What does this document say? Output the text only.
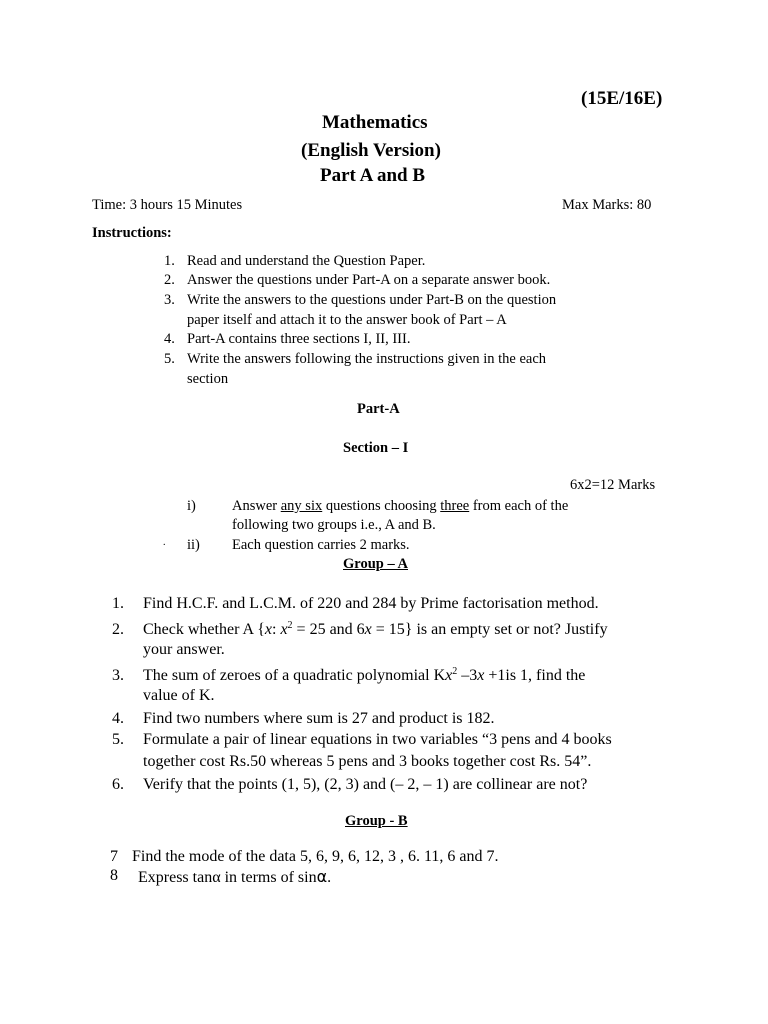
(15E/16E)
Mathematics
(English Version)
Part A and B
Time: 3 hours 15 Minutes	Max Marks: 80
Instructions:
1. Read and understand the Question Paper.
2. Answer the questions under Part-A on a separate answer book.
3. Write the answers to the questions under Part-B on the question
paper itself and attach it to the answer book of Part – A
4. Part-A contains three sections I, II, III.
5. Write the answers following the instructions given in the each
section
Part-A
Section – I
6x2=12 Marks
i) Answer any six questions choosing three from each of the
following two groups i.e., A and B.
. ii) Each question carries 2 marks.
Group – A
1. Find H.C.F. and L.C.M. of 220 and 284 by Prime factorisation method.
2. Check whether A {x: $x^2 = 25$ and 6x = 15} is an empty set or not? Justify
your answer.
3. The sum of zeroes of a quadratic polynomial Kx$^2$ –3x +1is 1, find the
value of K.
4. Find two numbers where sum is 27 and product is 182.
5. Formulate a pair of linear equations in two variables “3 pens and 4 books
together cost Rs.50 whereas 5 pens and 3 books together cost Rs. 54”.
6. Verify that the points (1, 5), (2, 3) and (– 2, – 1) are collinear are not?
Group - B
7 Find the mode of the data 5, 6, 9, 6, 12, 3 , 6. 11, 6 and 7.
8 Express tanα in terms of sinα.
